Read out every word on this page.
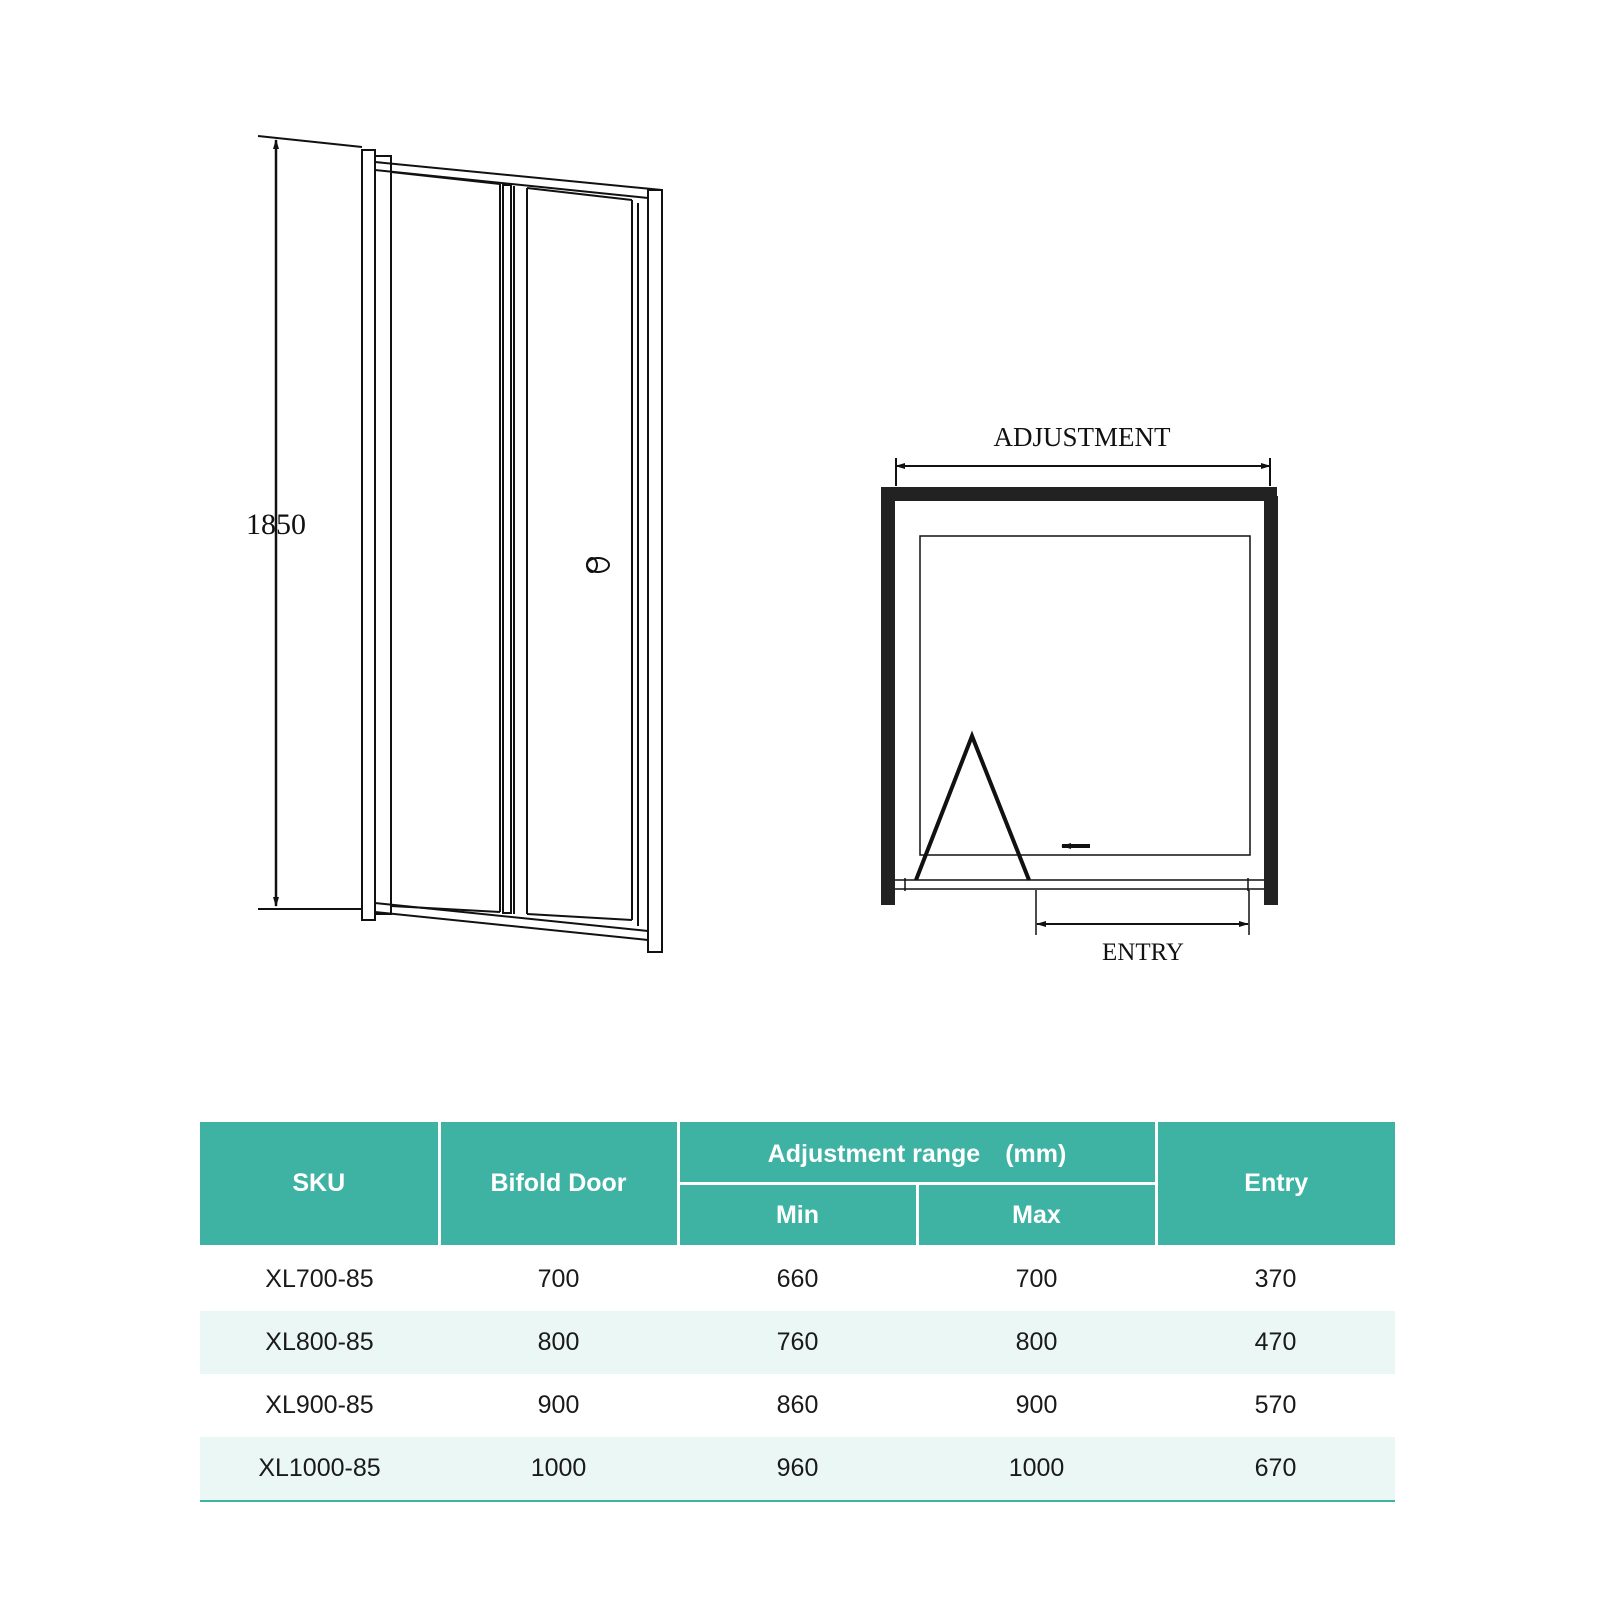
1850
ADJUSTMENT
ENTRY
SKU	Bifold Door	Adjustment range　(mm)		Entry
		Min	Max	
XL700-85	700	660	700	370
XL800-85	800	760	800	470
XL900-85	900	860	900	570
XL1000-85	1000	960	1000	670
